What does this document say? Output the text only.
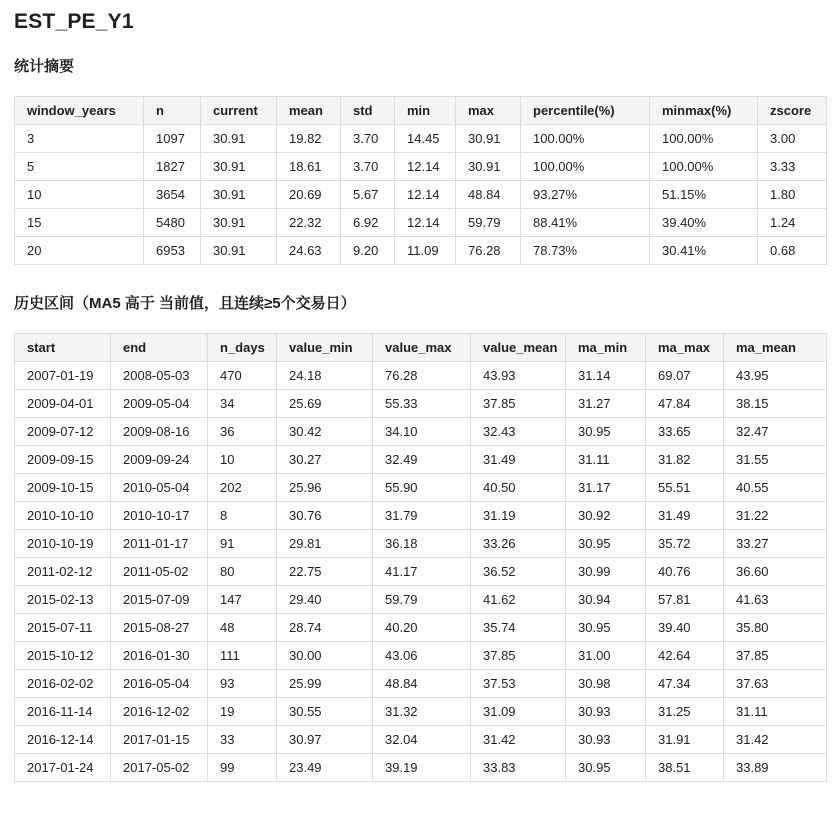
EST_PE_Y1
统计摘要
window_years	n	current	mean	std	min	max	percentile(%)	minmax(%)	zscore
3	1097	30.91	19.82	3.70	14.45	30.91	100.00%	100.00%	3.00
5	1827	30.91	18.61	3.70	12.14	30.91	100.00%	100.00%	3.33
10	3654	30.91	20.69	5.67	12.14	48.84	93.27%	51.15%	1.80
15	5480	30.91	22.32	6.92	12.14	59.79	88.41%	39.40%	1.24
20	6953	30.91	24.63	9.20	11.09	76.28	78.73%	30.41%	0.68
历史区间（MA5 高于 当前值，且连续≥5个交易日）
start	end	n_days	value_min	value_max	value_mean	ma_min	ma_max	ma_mean
2007-01-19	2008-05-03	470	24.18	76.28	43.93	31.14	69.07	43.95
2009-04-01	2009-05-04	34	25.69	55.33	37.85	31.27	47.84	38.15
2009-07-12	2009-08-16	36	30.42	34.10	32.43	30.95	33.65	32.47
2009-09-15	2009-09-24	10	30.27	32.49	31.49	31.11	31.82	31.55
2009-10-15	2010-05-04	202	25.96	55.90	40.50	31.17	55.51	40.55
2010-10-10	2010-10-17	8	30.76	31.79	31.19	30.92	31.49	31.22
2010-10-19	2011-01-17	91	29.81	36.18	33.26	30.95	35.72	33.27
2011-02-12	2011-05-02	80	22.75	41.17	36.52	30.99	40.76	36.60
2015-02-13	2015-07-09	147	29.40	59.79	41.62	30.94	57.81	41.63
2015-07-11	2015-08-27	48	28.74	40.20	35.74	30.95	39.40	35.80
2015-10-12	2016-01-30	111	30.00	43.06	37.85	31.00	42.64	37.85
2016-02-02	2016-05-04	93	25.99	48.84	37.53	30.98	47.34	37.63
2016-11-14	2016-12-02	19	30.55	31.32	31.09	30.93	31.25	31.11
2016-12-14	2017-01-15	33	30.97	32.04	31.42	30.93	31.91	31.42
2017-01-24	2017-05-02	99	23.49	39.19	33.83	30.95	38.51	33.89
